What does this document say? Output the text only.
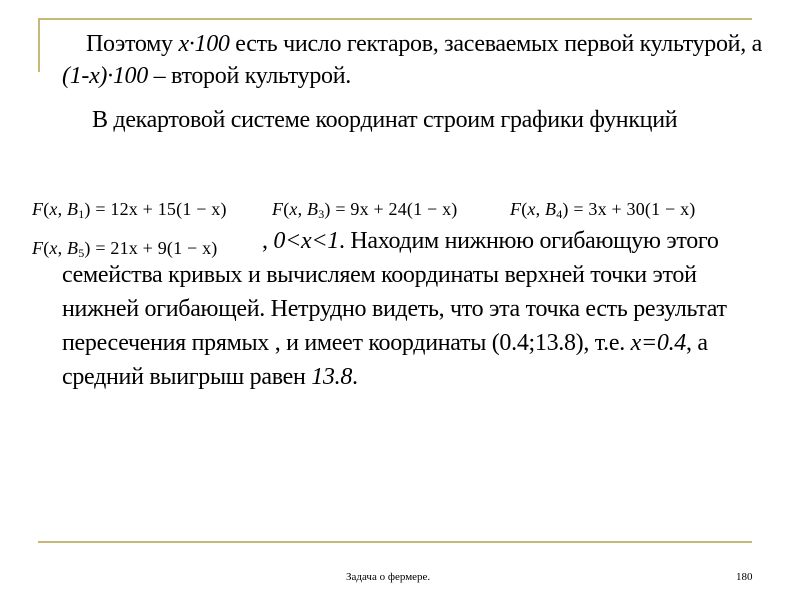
Поэтому x·100 есть число гектаров, засеваемых первой культурой, а (1-x)·100 – второй культурой.

В декартовой системе координат строим графики функций

F(x, $B_1) = 12x + 15(1 - x)$	F(x, $B_3) = 9x + 24(1 - x)$	F(x, $B_4) = 3x + 30(1 - x)$
F(x, $B_5) = 21x + 9(1 - x)$	, 0<x<1. Находим нижнюю огибающую этого семейства кривых и вычисляем координаты верхней точки этой нижней огибающей. Нетрудно видеть, что эта точка есть результат пересечения прямых , и имеет координаты (0.4;13.8), т.е. x=0.4, а средний выигрыш равен 13.8.

Задача о фермере.	180
